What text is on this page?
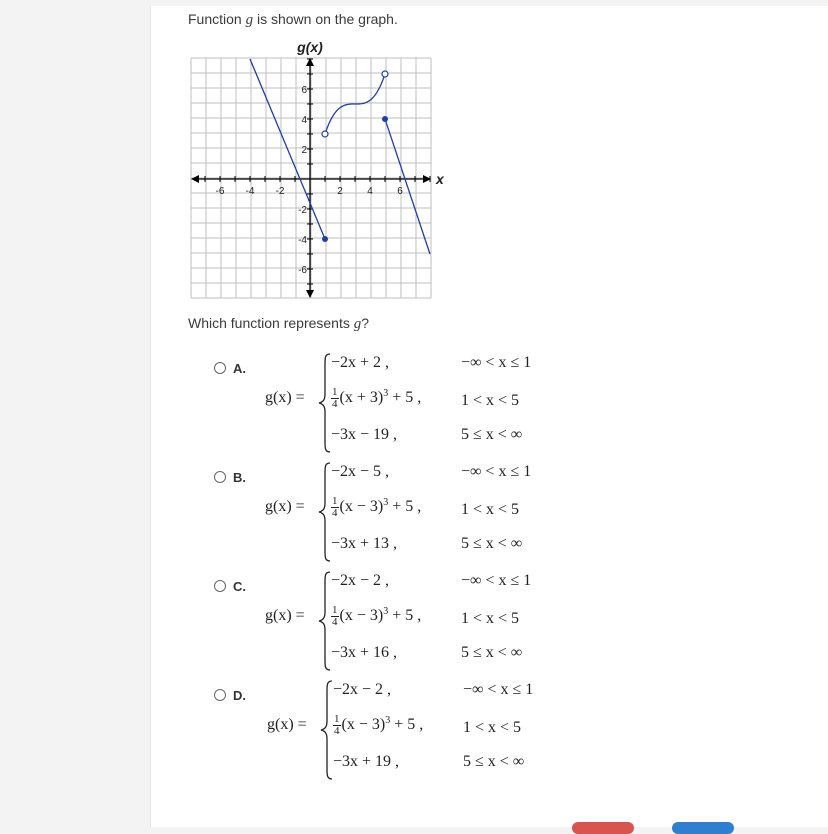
Function g is shown on the graph.
-6 -4 -2	2 4 6
6
4
2
-2
-4
-6
g(x)
x
Which function represents g?
A.
g(x) =
−2x + 2 ,	−∞ < x ≤ 1
$\frac{1}{4} (x + 3)^3 + 5$ , 1 < x < 5
−3x − 19 ,	5 ≤ x < ∞
B.
g(x) =
−2x − 5 ,	−∞ < x ≤ 1
$\frac{1}{4} (x - 3)^3 + 5$ , 1 < x < 5
−3x + 13 ,	5 ≤ x < ∞
C.
g(x) =
−2x − 2 ,	−∞ < x ≤ 1
$\frac{1}{4} (x - 3)^3 + 5$ , 1 < x < 5
−3x + 16 ,	5 ≤ x < ∞
D.
g(x) =
−2x − 2 ,	−∞ < x ≤ 1
$\frac{1}{4} (x - 3)^3 + 5$ , 1 < x < 5
−3x + 19 ,	5 ≤ x < ∞
